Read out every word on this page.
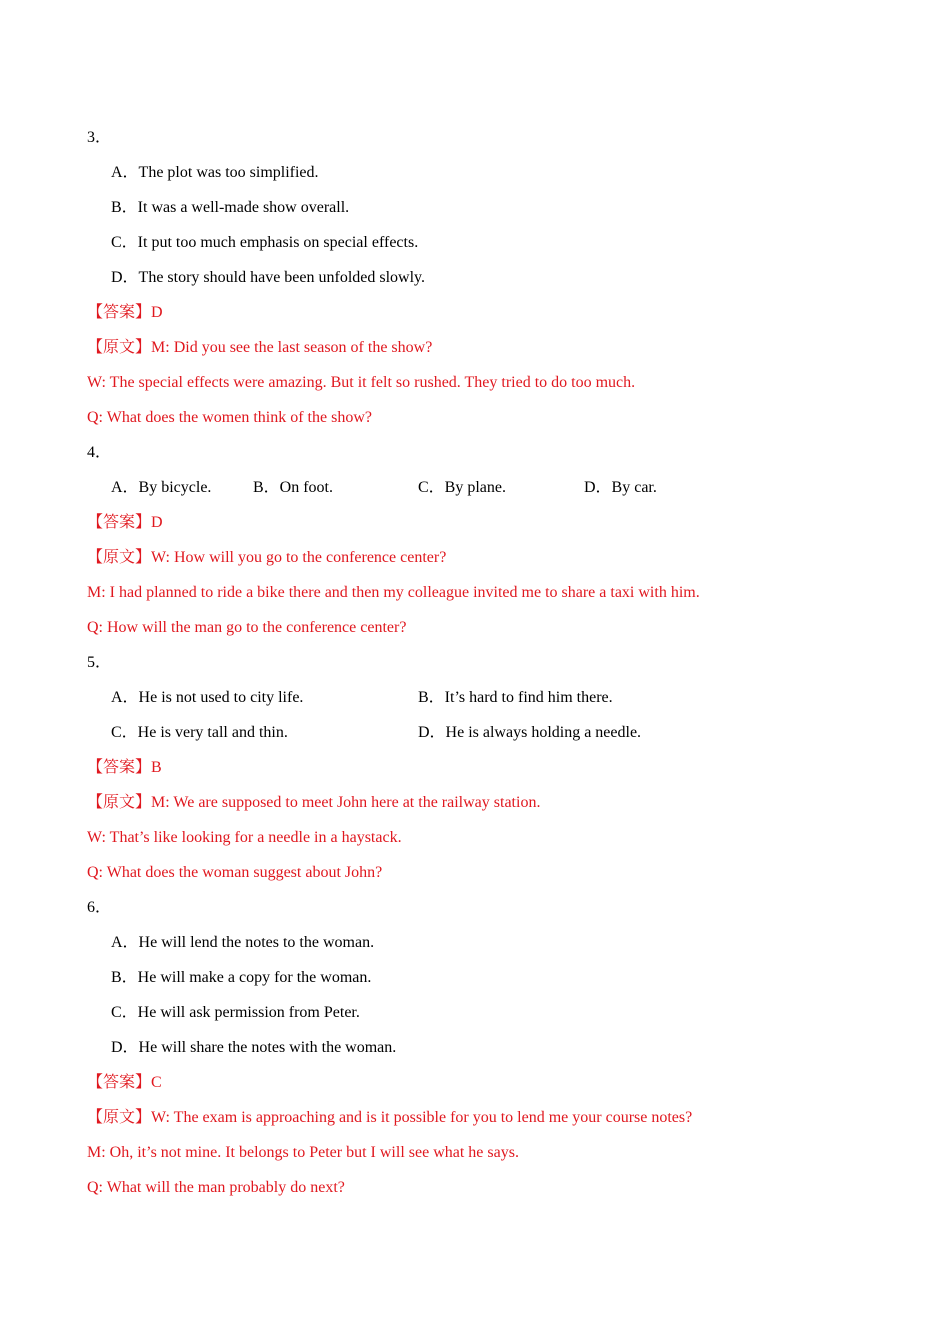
3．
A．The plot was too simplified.
B．It was a well-made show overall.
C．It put too much emphasis on special effects.
D．The story should have been unfolded slowly.
【答案】D
【原文】M: Did you see the last season of the show?
W: The special effects were amazing. But it felt so rushed. They tried to do too much.
Q: What does the women think of the show?
4．
A．By bicycle.	B．On foot.	C．By plane.	D．By car.
【答案】D
【原文】W: How will you go to the conference center?
M: I had planned to ride a bike there and then my colleague invited me to share a taxi with him.
Q: How will the man go to the conference center?
5．
A．He is not used to city life.	B．It’s hard to find him there.
C．He is very tall and thin.	D．He is always holding a needle.
【答案】B
【原文】M: We are supposed to meet John here at the railway station.
W: That’s like looking for a needle in a haystack.
Q: What does the woman suggest about John?
6．
A．He will lend the notes to the woman.
B．He will make a copy for the woman.
C．He will ask permission from Peter.
D．He will share the notes with the woman.
【答案】C
【原文】W: The exam is approaching and is it possible for you to lend me your course notes?
M: Oh, it’s not mine. It belongs to Peter but I will see what he says.
Q: What will the man probably do next?
